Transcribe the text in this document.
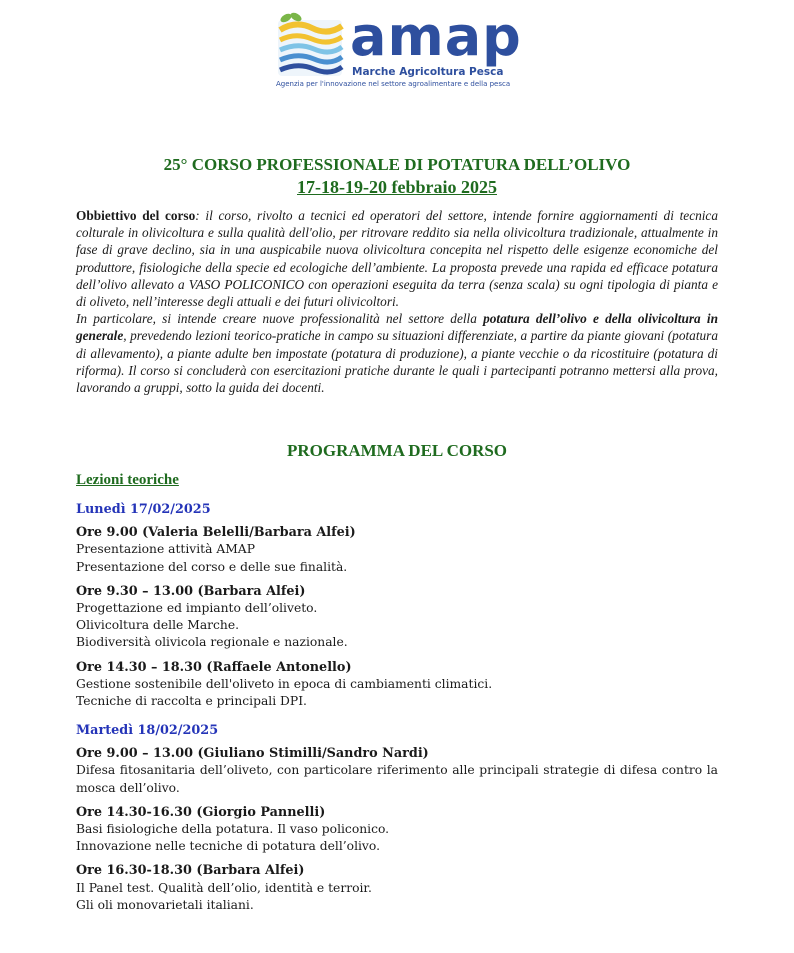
amap
Marche Agricoltura Pesca
Agenzia per l'innovazione nel settore agroalimentare e della pesca
25° CORSO PROFESSIONALE DI POTATURA DELL’OLIVO
17-18-19-20 febbraio 2025

Obbiettivo del corso: il corso, rivolto a tecnici ed operatori del settore, intende fornire aggiornamenti di tecnica colturale in olivicoltura e sulla qualità dell'olio, per ritrovare reddito sia nella olivicoltura tradizionale, attualmente in fase di grave declino, sia in una auspicabile nuova olivicoltura concepita nel rispetto delle esigenze economiche del produttore, fisiologiche della specie ed ecologiche dell’ambiente. La proposta prevede una rapida ed efficace potatura dell’olivo allevato a VASO POLICONICO con operazioni eseguita da terra (senza scala) su ogni tipologia di pianta e di oliveto, nell’interesse degli attuali e dei futuri olivicoltori.

In particolare, si intende creare nuove professionalità nel settore della potatura dell’olivo e della olivicoltura in generale, prevedendo lezioni teorico-pratiche in campo su situazioni differenziate, a partire da piante giovani (potatura di allevamento), a piante adulte ben impostate (potatura di produzione), a piante vecchie o da ricostituire (potatura di riforma). Il corso si concluderà con esercitazioni pratiche durante le quali i partecipanti potranno mettersi alla prova, lavorando a gruppi, sotto la guida dei docenti.

PROGRAMMA DEL CORSO
Lezioni teoriche
Lunedì 17/02/2025
Ore 9.00 (Valeria Belelli/Barbara Alfei)
Presentazione attività AMAP
Presentazione del corso e delle sue finalità.
Ore 9.30 – 13.00 (Barbara Alfei)
Progettazione ed impianto dell’oliveto.
Olivicoltura delle Marche.
Biodiversità olivicola regionale e nazionale.
Ore 14.30 – 18.30 (Raffaele Antonello)
Gestione sostenibile dell'oliveto in epoca di cambiamenti climatici.
Tecniche di raccolta e principali DPI.
Martedì 18/02/2025
Ore 9.00 – 13.00 (Giuliano Stimilli/Sandro Nardi)
Difesa fitosanitaria dell’oliveto, con particolare riferimento alle principali strategie di difesa contro la mosca dell’olivo.
Ore 14.30-16.30 (Giorgio Pannelli)
Basi fisiologiche della potatura. Il vaso policonico.
Innovazione nelle tecniche di potatura dell’olivo.
Ore 16.30-18.30 (Barbara Alfei)
Il Panel test. Qualità dell’olio, identità e terroir.
Gli oli monovarietali italiani.
